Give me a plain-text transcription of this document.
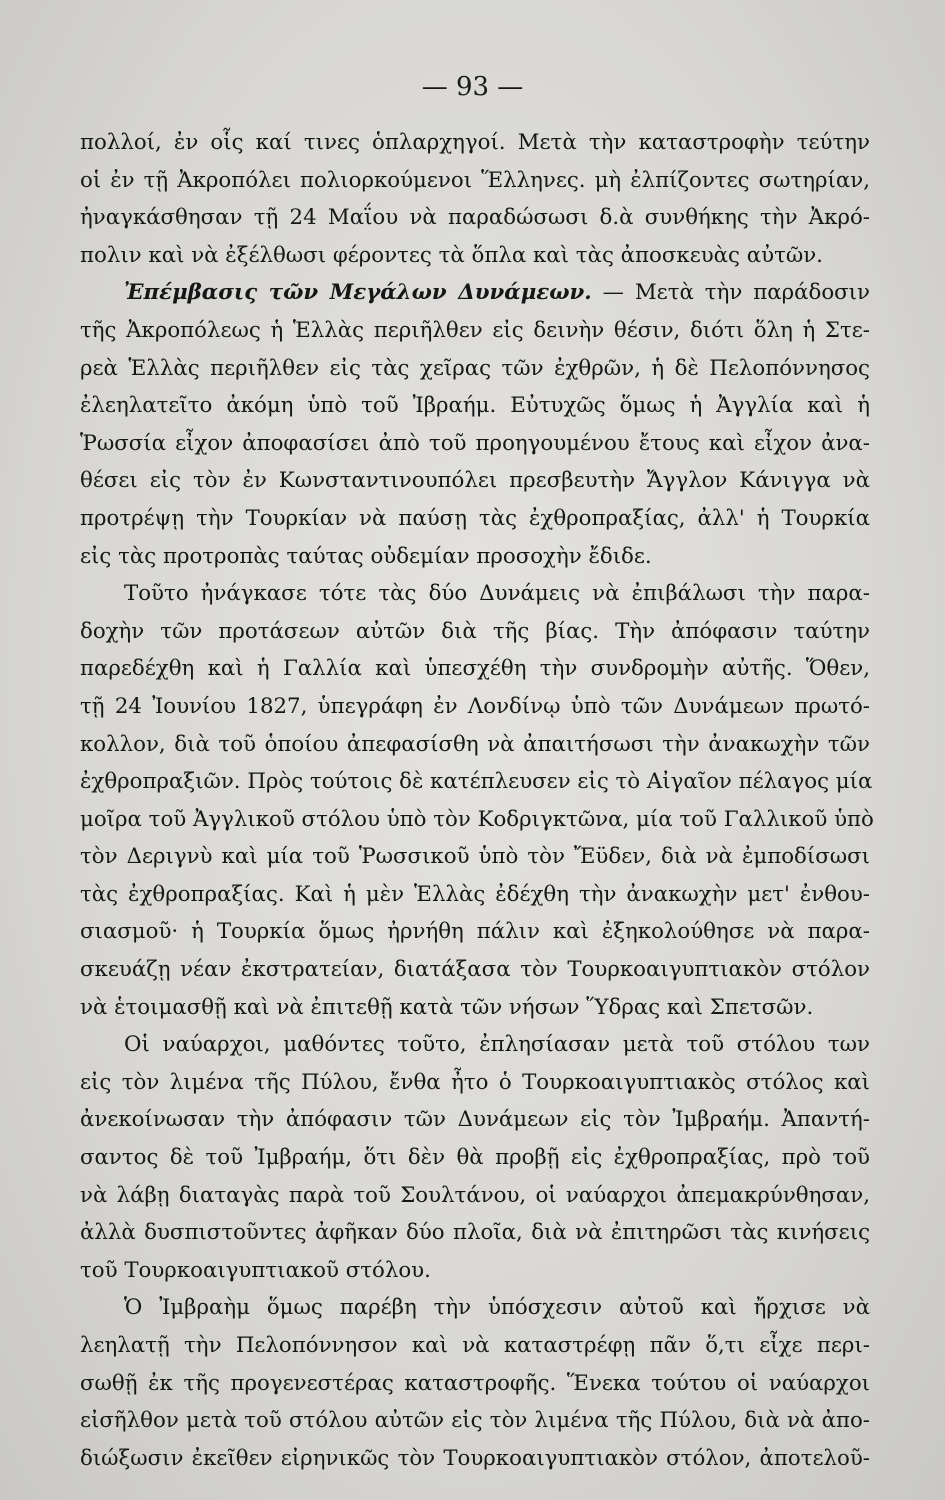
— 93 —
πολλοί, ἐν οἷς καί τινες ὁπλαρχηγοί. Μετὰ τὴν καταστροφὴν τεύτην
οἱ ἐν τῇ Ἀκροπόλει πολιορκούμενοι Ἕλληνες. μὴ ἐλπίζοντες σωτηρίαν,
ἠναγκάσθησαν τῇ 24 Μαΐου νὰ παραδώσωσι δ.ὰ συνθήκης τὴν Ἀκρό-
πολιν καὶ νὰ ἐξέλθωσι φέροντες τὰ ὅπλα καὶ τὰς ἀποσκευὰς αὐτῶν.
Ἐπέμβασις τῶν Μεγάλων Δυνάμεων. — Μετὰ τὴν παράδοσιν
τῆς Ἀκροπόλεως ἡ Ἑλλὰς περιῆλθεν εἰς δεινὴν θέσιν, διότι ὅλη ἡ Στε-
ρεὰ Ἑλλὰς περιῆλθεν εἰς τὰς χεῖρας τῶν ἐχθρῶν, ἡ δὲ Πελοπόννησος
ἐλεηλατεῖτο ἀκόμη ὑπὸ τοῦ Ἰβραήμ. Εὐτυχῶς ὅμως ἡ Ἀγγλία καὶ ἡ
Ῥωσσία εἶχον ἀποφασίσει ἀπὸ τοῦ προηγουμένου ἔτους καὶ εἶχον ἀνα-
θέσει εἰς τὸν ἐν Κωνσταντινουπόλει πρεσβευτὴν Ἄγγλον Κάνιγγα νὰ
προτρέψῃ τὴν Τουρκίαν νὰ παύσῃ τὰς ἐχθροπραξίας, ἀλλ' ἡ Τουρκία
εἰς τὰς προτροπὰς ταύτας οὐδεμίαν προσοχὴν ἔδιδε.
Τοῦτο ἠνάγκασε τότε τὰς δύο Δυνάμεις νὰ ἐπιβάλωσι τὴν παρα-
δοχὴν τῶν προτάσεων αὐτῶν διὰ τῆς βίας. Τὴν ἀπόφασιν ταύτην
παρεδέχθη καὶ ἡ Γαλλία καὶ ὑπεσχέθη τὴν συνδρομὴν αὐτῆς. Ὅθεν,
τῇ 24 Ἰουνίου 1827, ὑπεγράφη ἐν Λονδίνῳ ὑπὸ τῶν Δυνάμεων πρωτό-
κολλον, διὰ τοῦ ὁποίου ἀπεφασίσθη νὰ ἀπαιτήσωσι τὴν ἀνακωχὴν τῶν
ἐχθροπραξιῶν. Πρὸς τούτοις δὲ κατέπλευσεν εἰς τὸ Αἰγαῖον πέλαγος μία
μοῖρα τοῦ Ἀγγλικοῦ στόλου ὑπὸ τὸν Κοδριγκτῶνα, μία τοῦ Γαλλικοῦ ὑπὸ
τὸν Δεριγνὺ καὶ μία τοῦ Ῥωσσικοῦ ὑπὸ τὸν Ἔϋδεν, διὰ νὰ ἐμποδίσωσι
τὰς ἐχθροπραξίας. Καὶ ἡ μὲν Ἑλλὰς ἐδέχθη τὴν ἀνακωχὴν μετ' ἐνθου-
σιασμοῦ· ἡ Τουρκία ὅμως ἠρνήθη πάλιν καὶ ἐξηκολούθησε νὰ παρα-
σκευάζῃ νέαν ἐκστρατείαν, διατάξασα τὸν Τουρκοαιγυπτιακὸν στόλον
νὰ ἑτοιμασθῇ καὶ νὰ ἐπιτεθῇ κατὰ τῶν νήσων Ὕδρας καὶ Σπετσῶν.
Οἱ ναύαρχοι, μαθόντες τοῦτο, ἐπλησίασαν μετὰ τοῦ στόλου των
εἰς τὸν λιμένα τῆς Πύλου, ἔνθα ἦτο ὁ Τουρκοαιγυπτιακὸς στόλος καὶ
ἀνεκοίνωσαν τὴν ἀπόφασιν τῶν Δυνάμεων εἰς τὸν Ἰμβραήμ. Ἀπαντή-
σαντος δὲ τοῦ Ἰμβραήμ, ὅτι δὲν θὰ προβῇ εἰς ἐχθροπραξίας, πρὸ τοῦ
νὰ λάβῃ διαταγὰς παρὰ τοῦ Σουλτάνου, οἱ ναύαρχοι ἀπεμακρύνθησαν,
ἀλλὰ δυσπιστοῦντες ἀφῆκαν δύο πλοῖα, διὰ νὰ ἐπιτηρῶσι τὰς κινήσεις
τοῦ Τουρκοαιγυπτιακοῦ στόλου.
Ὁ Ἰμβραὴμ ὅμως παρέβη τὴν ὑπόσχεσιν αὐτοῦ καὶ ἤρχισε νὰ
λεηλατῇ τὴν Πελοπόννησον καὶ νὰ καταστρέφῃ πᾶν ὅ,τι εἶχε περι-
σωθῇ ἐκ τῆς προγενεστέρας καταστροφῆς. Ἕνεκα τούτου οἱ ναύαρχοι
εἰσῆλθον μετὰ τοῦ στόλου αὐτῶν εἰς τὸν λιμένα τῆς Πύλου, διὰ νὰ ἀπο-
διώξωσιν ἐκεῖθεν εἰρηνικῶς τὸν Τουρκοαιγυπτιακὸν στόλον, ἀποτελοῦ-
